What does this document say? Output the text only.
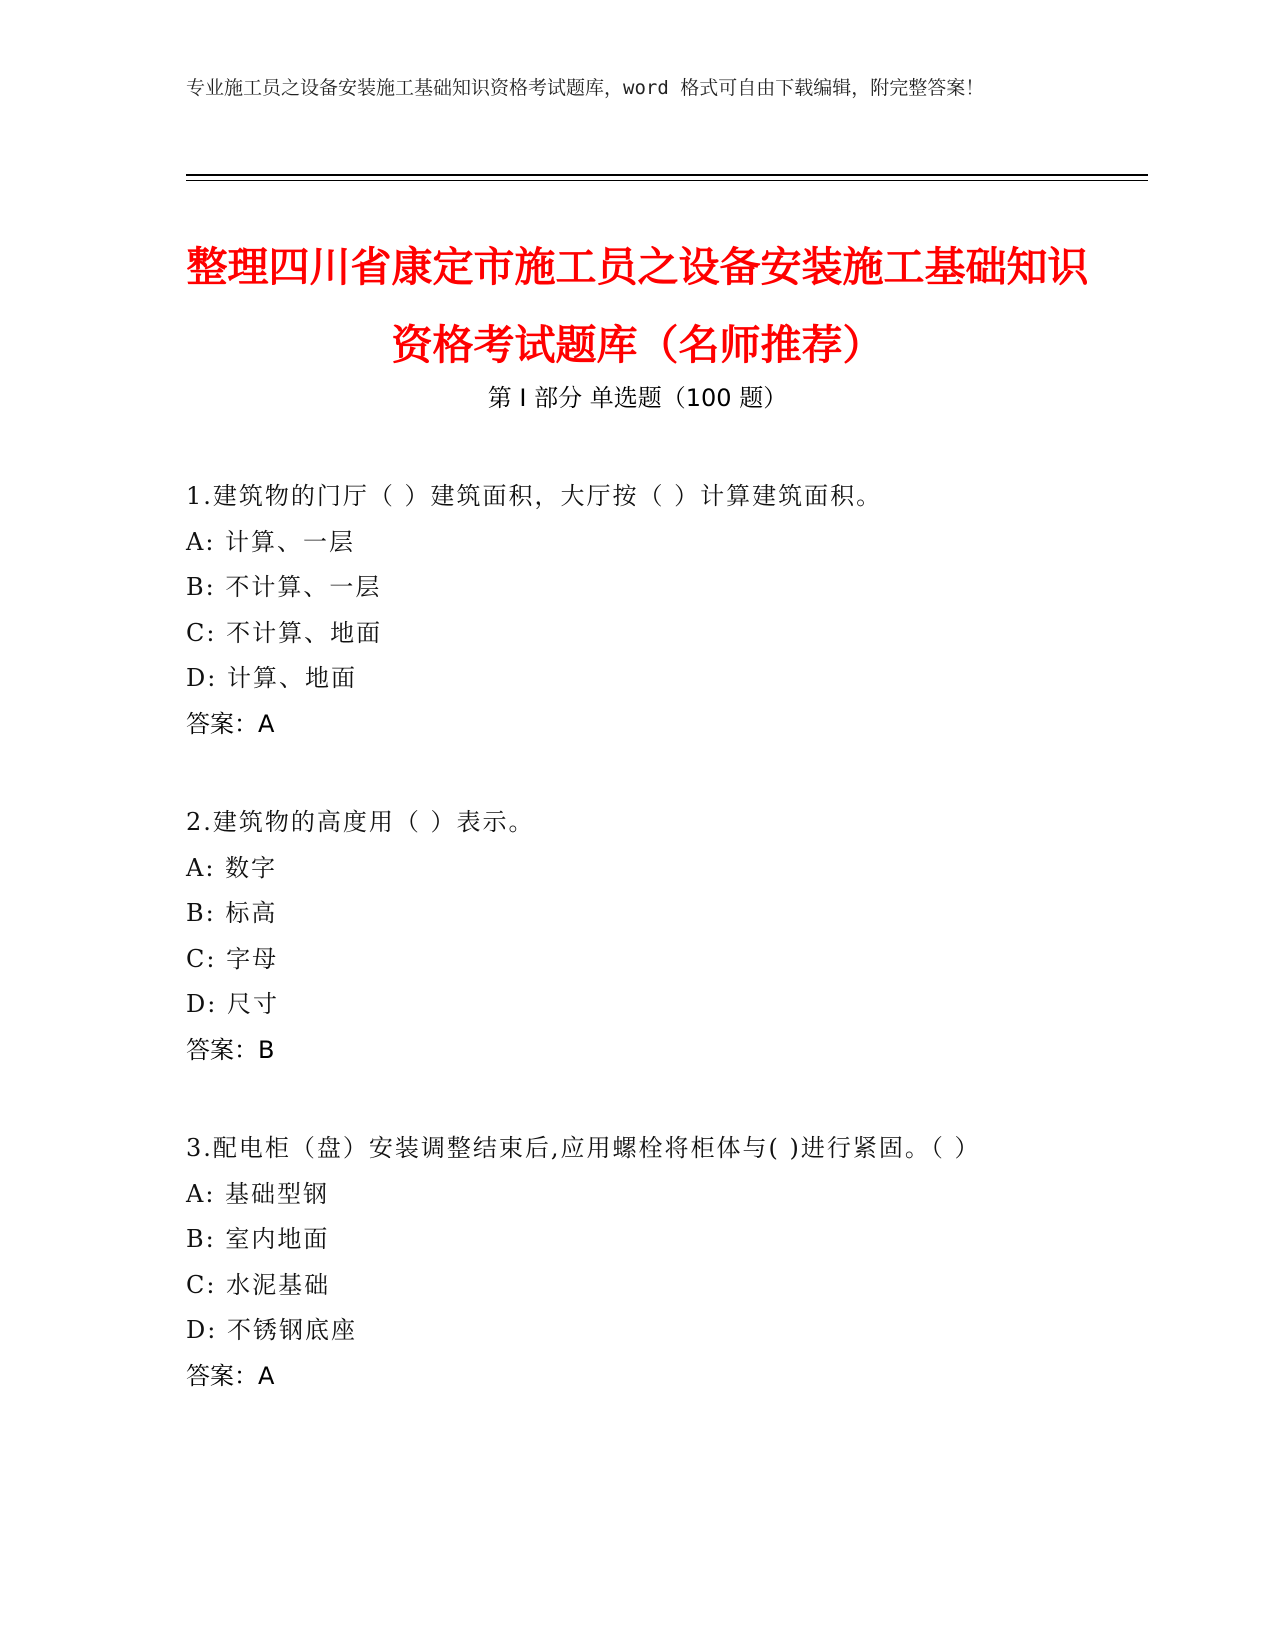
专业施工员之设备安装施工基础知识资格考试题库，word 格式可自由下载编辑，附完整答案！
整理四川省康定市施工员之设备安装施工基础知识资格考试题库（名师推荐）
第 I 部分 单选题（100 题）
1.建筑物的门厅（ ）建筑面积，大厅按（ ）计算建筑面积。
A: 计算、一层
B: 不计算、一层
C: 不计算、地面
D: 计算、地面
答案：A
2.建筑物的高度用（ ）表示。
A: 数字
B: 标高
C: 字母
D: 尺寸
答案：B
3.配电柜（盘）安装调整结束后,应用螺栓将柜体与( )进行紧固。（ ）
A: 基础型钢
B: 室内地面
C: 水泥基础
D: 不锈钢底座
答案：A
